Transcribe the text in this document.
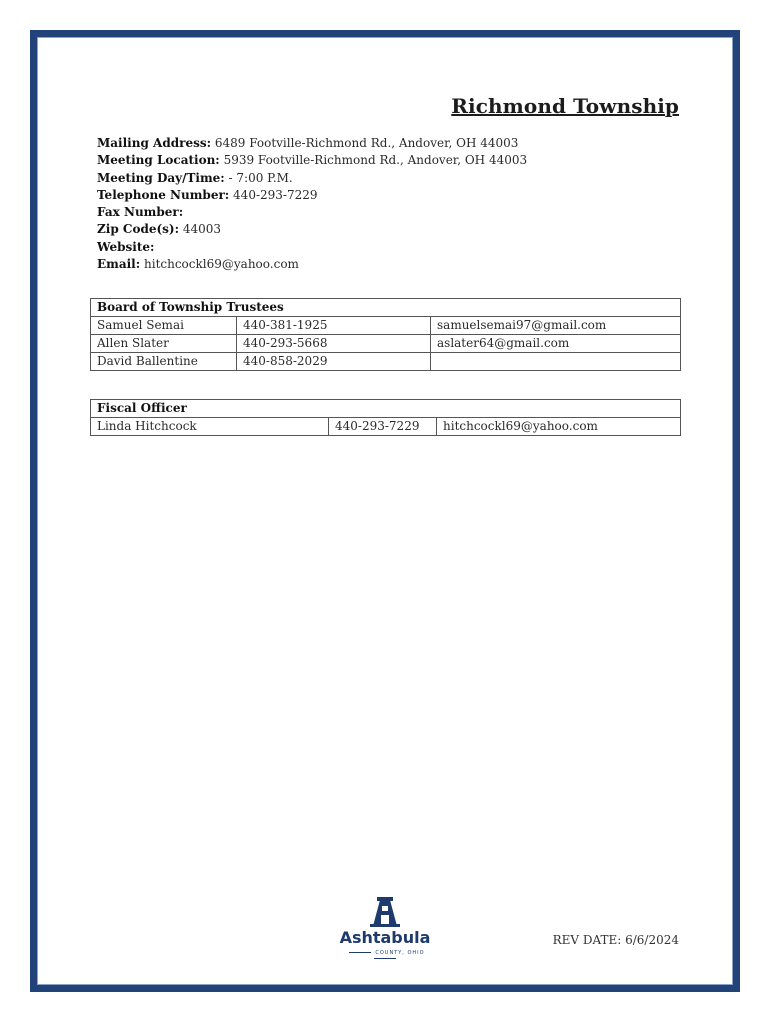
Richmond Township
Mailing Address: 6489 Footville-Richmond Rd., Andover, OH 44003
Meeting Location: 5939 Footville-Richmond Rd., Andover, OH 44003
Meeting Day/Time: - 7:00 P.M.
Telephone Number: 440-293-7229
Fax Number:
Zip Code(s): 44003
Website:
Email: hitchcockl69@yahoo.com
Board of Township Trustees		
Samuel Semai	440-381-1925	samuelsemai97@gmail.com
Allen Slater	440-293-5668	aslater64@gmail.com
David Ballentine	440-858-2029	
Fiscal Officer
Linda Hitchcock	440-293-7229	hitchcockl69@yahoo.com
Ashtabula
COUNTY, OHIO
REV DATE: 6/6/2024
